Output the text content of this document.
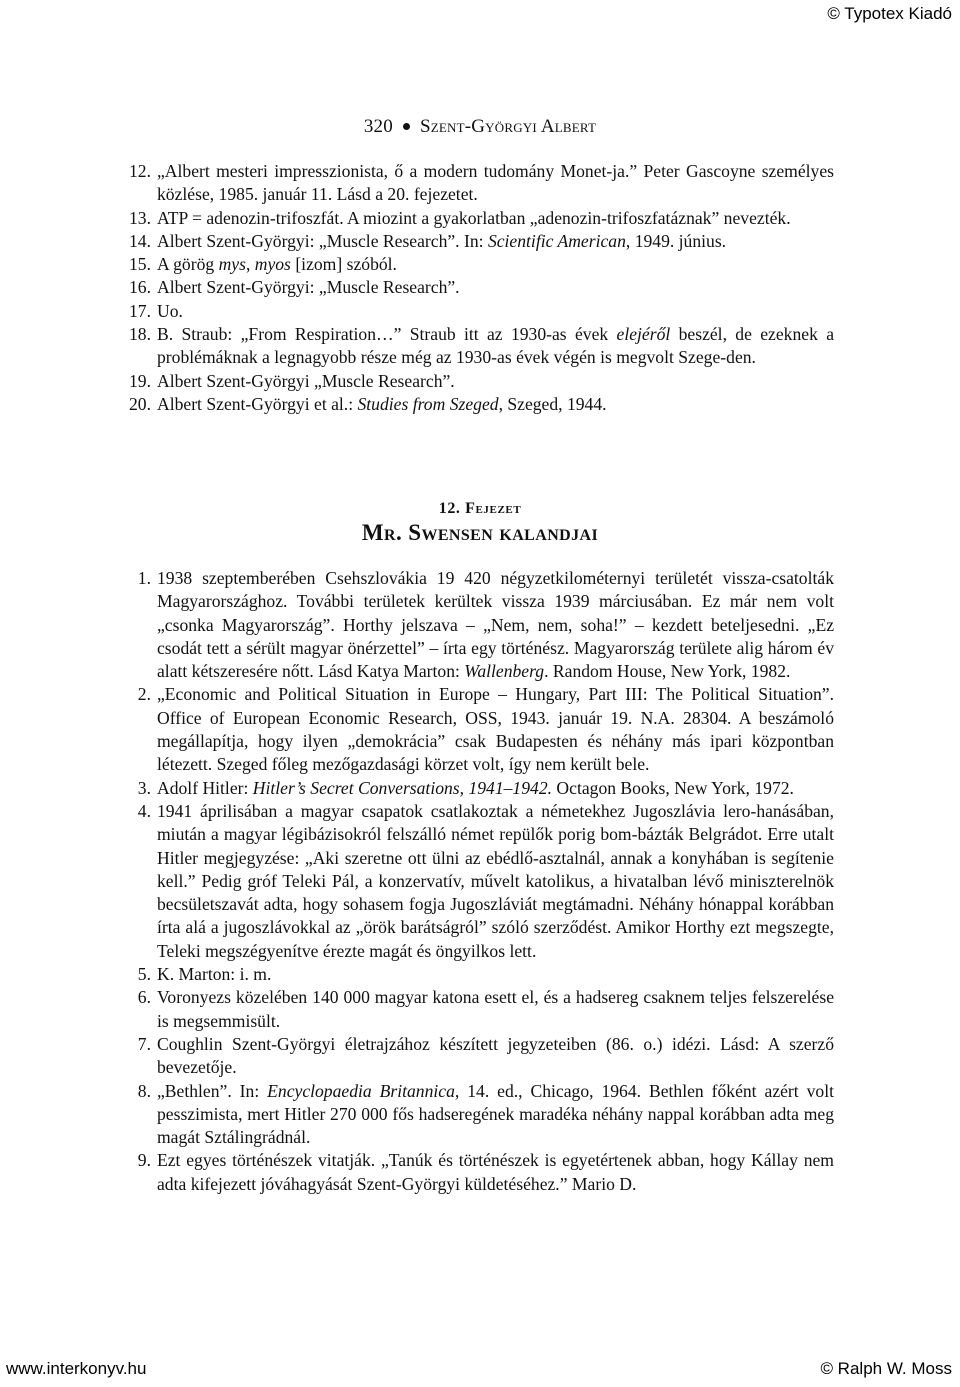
© Typotex Kiadó
320 Szent-Györgyi Albert
12. „Albert mesteri impresszionista, ő a modern tudomány Monet-ja.” Peter Gascoyne személyes közlése, 1985. január 11. Lásd a 20. fejezetet.
13. ATP = adenozin-trifoszfát. A miozint a gyakorlatban „adenozin-trifoszfatáznak” nevezték.
14. Albert Szent-Györgyi: „Muscle Research”. In: Scientific American, 1949. június.
15. A görög mys, myos [izom] szóból.
16. Albert Szent-Györgyi: „Muscle Research”.
17. Uo.
18. B. Straub: „From Respiration…” Straub itt az 1930-as évek elejéről beszél, de ezeknek a problémáknak a legnagyobb része még az 1930-as évek végén is megvolt Szege-den.
19. Albert Szent-Györgyi „Muscle Research”.
20. Albert Szent-Györgyi et al.: Studies from Szeged, Szeged, 1944.
12. Fejezet
Mr. Swensen kalandjai
1. 1938 szeptemberében Csehszlovákia 19 420 négyzetkilométernyi területét vissza-csatolták Magyarországhoz. További területek kerültek vissza 1939 márciusában. Ez már nem volt „csonka Magyarország”. Horthy jelszava – „Nem, nem, soha!” – kezdett beteljesedni. „Ez csodát tett a sérült magyar önérzettel” – írta egy történész. Magyarország területe alig három év alatt kétszeresére nőtt. Lásd Katya Marton: Wallenberg. Random House, New York, 1982.
2. „Economic and Political Situation in Europe – Hungary, Part III: The Political Situation”. Office of European Economic Research, OSS, 1943. január 19. N.A. 28304. A beszámoló megállapítja, hogy ilyen „demokrácia” csak Budapesten és néhány más ipari központban létezett. Szeged főleg mezőgazdasági körzet volt, így nem került bele.
3. Adolf Hitler: Hitler’s Secret Conversations, 1941–1942. Octagon Books, New York, 1972.
4. 1941 áprilisában a magyar csapatok csatlakoztak a németekhez Jugoszlávia lero-hanásában, miután a magyar légibázisokról felszálló német repülők porig bom-bázták Belgrádot. Erre utalt Hitler megjegyzése: „Aki szeretne ott ülni az ebédlő-asztalnál, annak a konyhában is segítenie kell.” Pedig gróf Teleki Pál, a konzervatív, művelt katolikus, a hivatalban lévő miniszterelnök becsületszavát adta, hogy sohasem fogja Jugoszláviát megtámadni. Néhány hónappal korábban írta alá a jugoszlávokkal az „örök barátságról” szóló szerződést. Amikor Horthy ezt megszegte, Teleki megszégyenítve érezte magát és öngyilkos lett.
5. K. Marton: i. m.
6. Voronyezs közelében 140 000 magyar katona esett el, és a hadsereg csaknem teljes felszerelése is megsemmisült.
7. Coughlin Szent-Györgyi életrajzához készített jegyzeteiben (86. o.) idézi. Lásd: A szerző bevezetője.
8. „Bethlen”. In: Encyclopaedia Britannica, 14. ed., Chicago, 1964. Bethlen főként azért volt pesszimista, mert Hitler 270 000 fős hadseregének maradéka néhány nappal korábban adta meg magát Sztálingrádnál.
9. Ezt egyes történészek vitatják. „Tanúk és történészek is egyetértenek abban, hogy Kállay nem adta kifejezett jóváhagyását Szent-Györgyi küldetéséhez.” Mario D.
www.interkonyv.hu	© Ralph W. Moss
